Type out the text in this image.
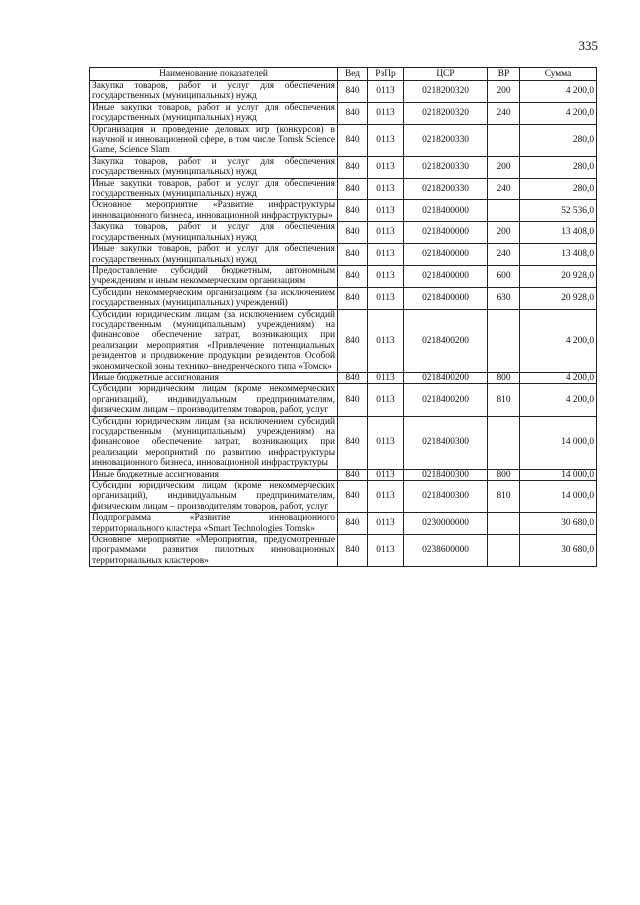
335
Наименование показателей	Вед	РзПр	ЦСР	ВР	Сумма
Закупка товаров, работ и услуг для обеспечения государственных (муниципальных) нужд	840	0113	0218200320	200	4 200,0
Иные закупки товаров, работ и услуг для обеспечения государственных (муниципальных) нужд	840	0113	0218200320	240	4 200,0
Организация и проведение деловых игр (конкурсов) в научной и инновационной сфере, в том числе Tomsk Science Game, Science Slam	840	0113	0218200330		280,0
Закупка товаров, работ и услуг для обеспечения государственных (муниципальных) нужд	840	0113	0218200330	200	280,0
Иные закупки товаров, работ и услуг для обеспечения государственных (муниципальных) нужд	840	0113	0218200330	240	280,0
Основное мероприятие «Развитие инфраструктуры инновационного бизнеса, инновационной инфраструктуры»	840	0113	0218400000		52 536,0
Закупка товаров, работ и услуг для обеспечения государственных (муниципальных) нужд	840	0113	0218400000	200	13 408,0
Иные закупки товаров, работ и услуг для обеспечения государственных (муниципальных) нужд	840	0113	0218400000	240	13 408,0
Предоставление субсидий бюджетным, автономным учреждениям и иным некоммерческим организациям	840	0113	0218400000	600	20 928,0
Субсидии некоммерческим организациям (за исключением государственных (муниципальных) учреждений)	840	0113	0218400000	630	20 928,0
Субсидии юридическим лицам (за исключением субсидий государственным (муниципальным) учреждениям) на финансовое обеспечение затрат, возникающих при реализации мероприятия «Привлечение потенциальных резидентов и продвижение продукции резидентов Особой экономической зоны технико–внедренческого типа «Томск»	840	0113	0218400200		4 200,0
Иные бюджетные ассигнования	840	0113	0218400200	800	4 200,0
Субсидии юридическим лицам (кроме некоммерческих организаций), индивидуальным предпринимателям, физическим лицам – производителям товаров, работ, услуг	840	0113	0218400200	810	4 200,0
Субсидии юридическим лицам (за исключением субсидий государственным (муниципальным) учреждениям) на финансовое обеспечение затрат, возникающих при реализации мероприятий по развитию инфраструктуры инновационного бизнеса, инновационной инфраструктуры	840	0113	0218400300		14 000,0
Иные бюджетные ассигнования	840	0113	0218400300	800	14 000,0
Субсидии юридическим лицам (кроме некоммерческих организаций), индивидуальным предпринимателям, физическим лицам – производителям товаров, работ, услуг	840	0113	0218400300	810	14 000,0
Подпрограмма «Развитие инновационного территориального кластера «Smart Technologies Tomsk»	840	0113	0230000000		30 680,0
Основное мероприятие «Мероприятия, предусмотренные программами развития пилотных инновационных территориальных кластеров»	840	0113	0238600000		30 680,0
